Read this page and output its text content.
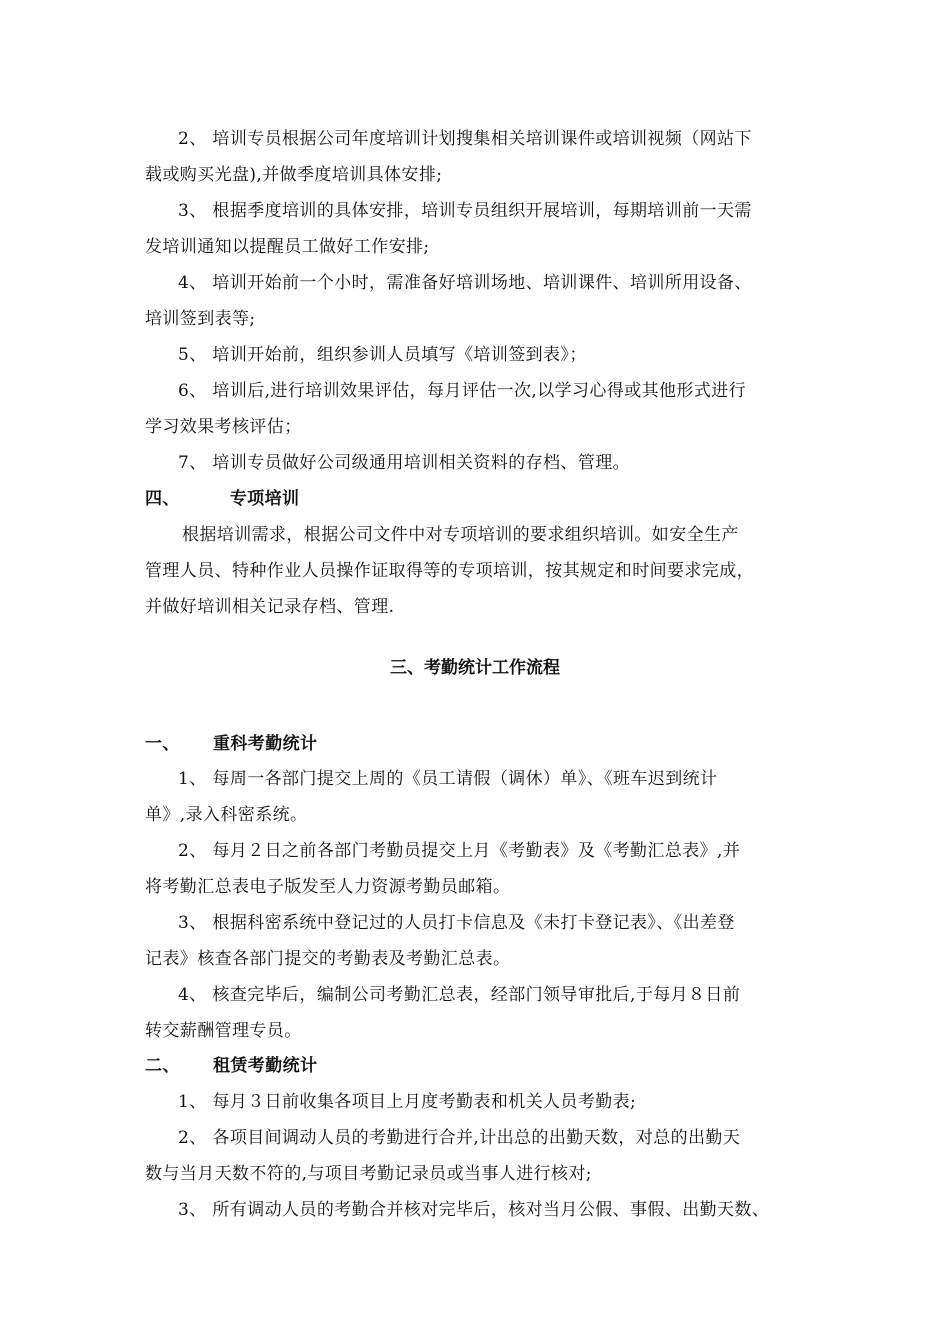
2、 培训专员根据公司年度培训计划搜集相关培训课件或培训视频（网站下
载或购买光盘),并做季度培训具体安排;
3、 根据季度培训的具体安排，培训专员组织开展培训，每期培训前一天需
发培训通知以提醒员工做好工作安排;
4、 培训开始前一个小时，需准备好培训场地、培训课件、培训所用设备、
培训签到表等;
5、 培训开始前，组织参训人员填写《培训签到表》；
6、 培训后,进行培训效果评估，每月评估一次,以学习心得或其他形式进行
学习效果考核评估；
7、 培训专员做好公司级通用培训相关资料的存档、管理。
四、	专项培训
根据培训需求，根据公司文件中对专项培训的要求组织培训。如安全生产
管理人员、特种作业人员操作证取得等的专项培训，按其规定和时间要求完成，
并做好培训相关记录存档、管理.
三、考勤统计工作流程
一、 重科考勤统计
1、 每周一各部门提交上周的《员工请假（调休）单》、《班车迟到统计
单》,录入科密系统。
2、 每月２日之前各部门考勤员提交上月《考勤表》及《考勤汇总表》,并
将考勤汇总表电子版发至人力资源考勤员邮箱。
3、 根据科密系统中登记过的人员打卡信息及《未打卡登记表》、《出差登
记表》核查各部门提交的考勤表及考勤汇总表。
4、 核查完毕后，编制公司考勤汇总表，经部门领导审批后,于每月８日前
转交薪酬管理专员。
二、 租赁考勤统计
1、 每月３日前收集各项目上月度考勤表和机关人员考勤表;
2、 各项目间调动人员的考勤进行合并,计出总的出勤天数，对总的出勤天
数与当月天数不符的,与项目考勤记录员或当事人进行核对;
3、 所有调动人员的考勤合并核对完毕后，核对当月公假、事假、出勤天数、
